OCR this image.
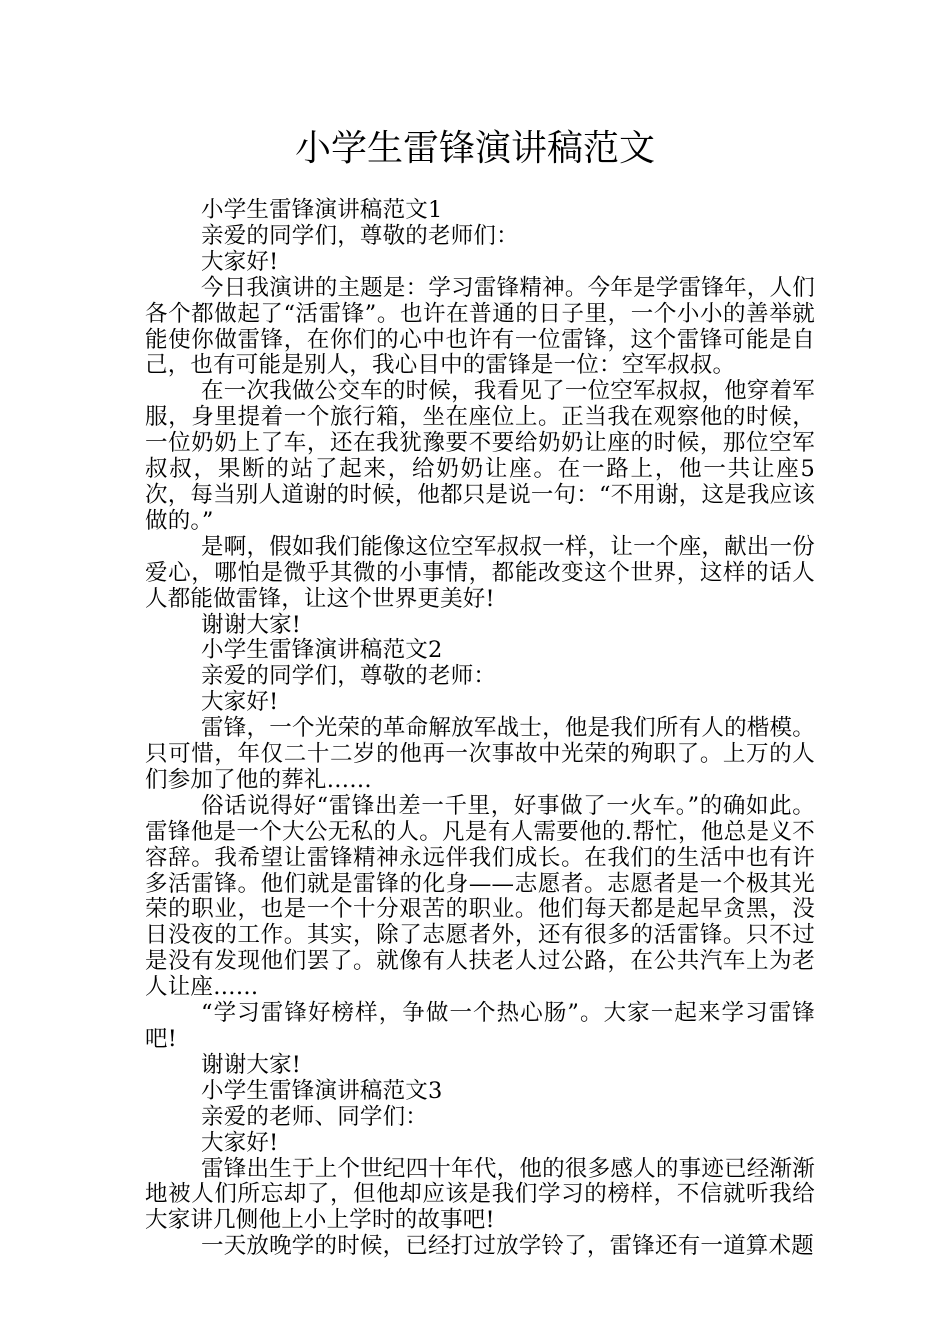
小学生雷锋演讲稿范文

小学生雷锋演讲稿范文1

亲爱的同学们，尊敬的老师们：

大家好!

今日我演讲的主题是：学习雷锋精神。今年是学雷锋年，人们各个都做起了“活雷锋”。也许在普通的日子里，一个小小的善举就能使你做雷锋，在你们的心中也许有一位雷锋，这个雷锋可能是自己，也有可能是别人，我心目中的雷锋是一位：空军叔叔。

在一次我做公交车的时候，我看见了一位空军叔叔，他穿着军服，身里提着一个旅行箱，坐在座位上。正当我在观察他的时候，一位奶奶上了车，还在我犹豫要不要给奶奶让座的时候，那位空军叔叔，果断的站了起来，给奶奶让座。在一路上，他一共让座5次，每当别人道谢的时候，他都只是说一句：“不用谢，这是我应该做的。”

是啊，假如我们能像这位空军叔叔一样，让一个座，献出一份爱心，哪怕是微乎其微的小事情，都能改变这个世界，这样的话人人都能做雷锋，让这个世界更美好!

谢谢大家!

小学生雷锋演讲稿范文2

亲爱的同学们，尊敬的老师：

大家好!

雷锋，一个光荣的革命解放军战士，他是我们所有人的楷模。只可惜，年仅二十二岁的他再一次事故中光荣的殉职了。上万的人们参加了他的葬礼……

俗话说得好“雷锋出差一千里，好事做了一火车。”的确如此。雷锋他是一个大公无私的人。凡是有人需要他的.帮忙，他总是义不容辞。我希望让雷锋精神永远伴我们成长。在我们的生活中也有许多活雷锋。他们就是雷锋的化身——志愿者。志愿者是一个极其光荣的职业，也是一个十分艰苦的职业。他们每天都是起早贪黑，没日没夜的工作。其实，除了志愿者外，还有很多的活雷锋。只不过是没有发现他们罢了。就像有人扶老人过公路，在公共汽车上为老人让座……

“学习雷锋好榜样，争做一个热心肠”。大家一起来学习雷锋吧!

谢谢大家!

小学生雷锋演讲稿范文3

亲爱的老师、同学们：

大家好!

雷锋出生于上个世纪四十年代，他的很多感人的事迹已经渐渐地被人们所忘却了，但他却应该是我们学习的榜样，不信就听我给大家讲几侧他上小上学时的故事吧!

一天放晚学的时候，已经打过放学铃了，雷锋还有一道算术题
